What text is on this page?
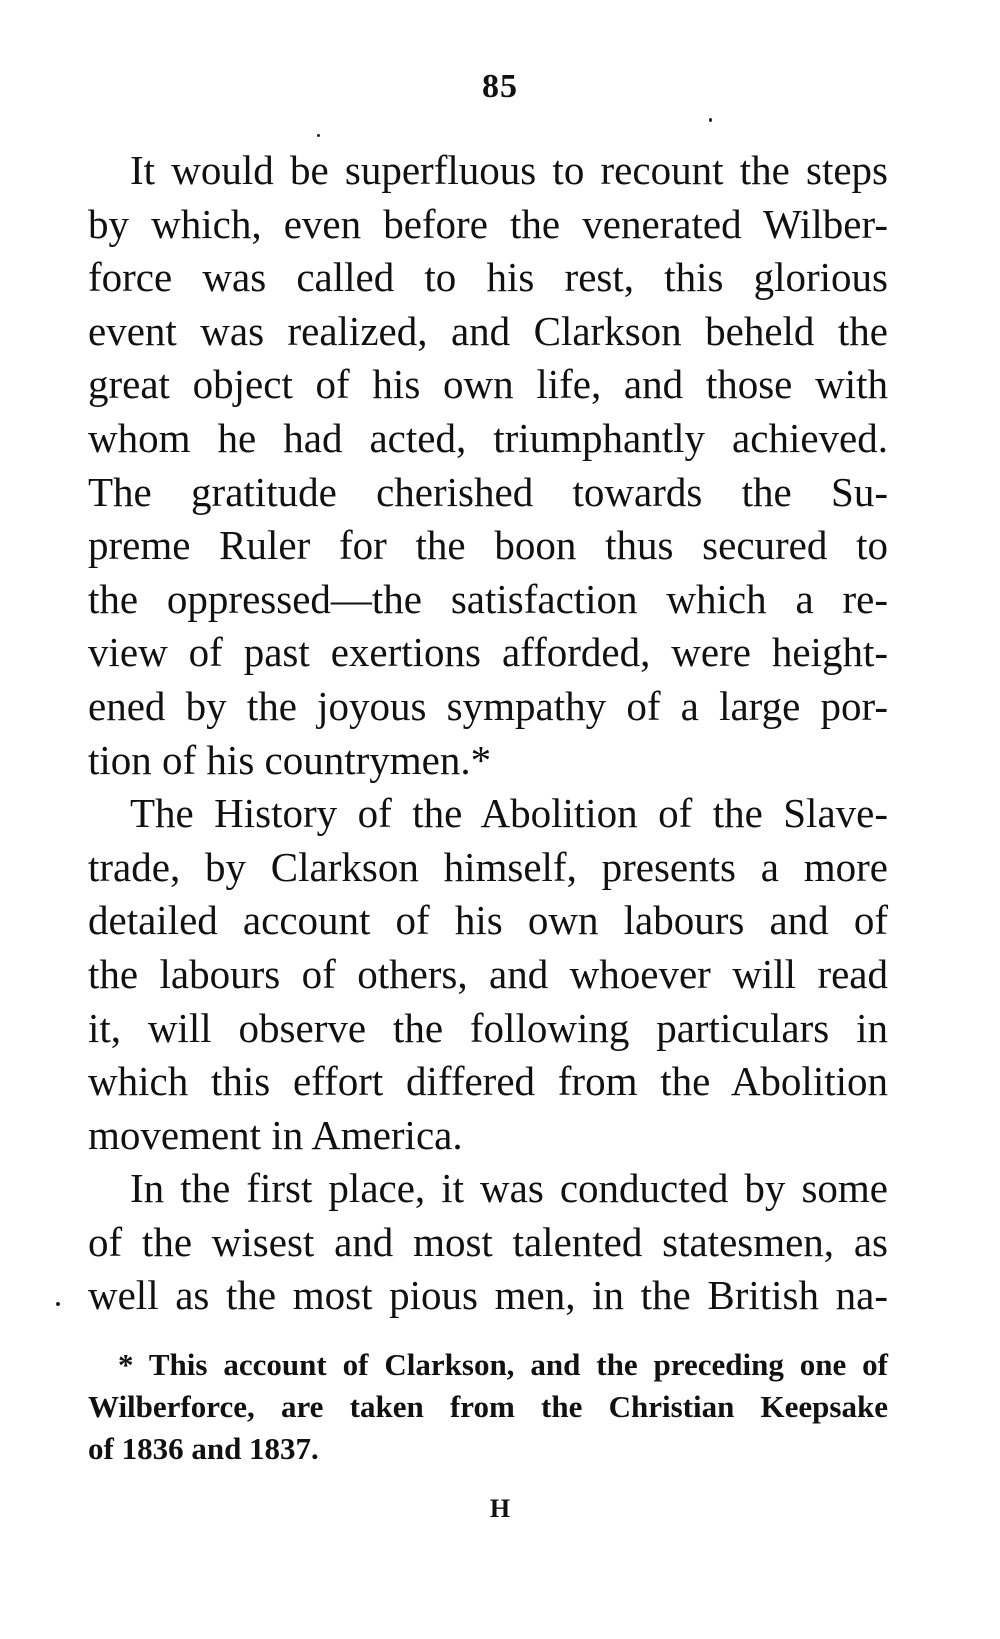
85
It would be superfluous to recount the steps
by which, even before the venerated Wilber-
force was called to his rest, this glorious
event was realized, and Clarkson beheld the
great object of his own life, and those with
whom he had acted, triumphantly achieved.
The gratitude cherished towards the Su-
preme Ruler for the boon thus secured to
the oppressed—the satisfaction which a re-
view of past exertions afforded, were height-
ened by the joyous sympathy of a large por-
tion of his countrymen.*
The History of the Abolition of the Slave-
trade, by Clarkson himself, presents a more
detailed account of his own labours and of
the labours of others, and whoever will read
it, will observe the following particulars in
which this effort differed from the Abolition
movement in America.
In the first place, it was conducted by some
of the wisest and most talented statesmen, as
well as the most pious men, in the British na-
* This account of Clarkson, and the preceding one of
Wilberforce, are taken from the Christian Keepsake
of 1836 and 1837.
H
